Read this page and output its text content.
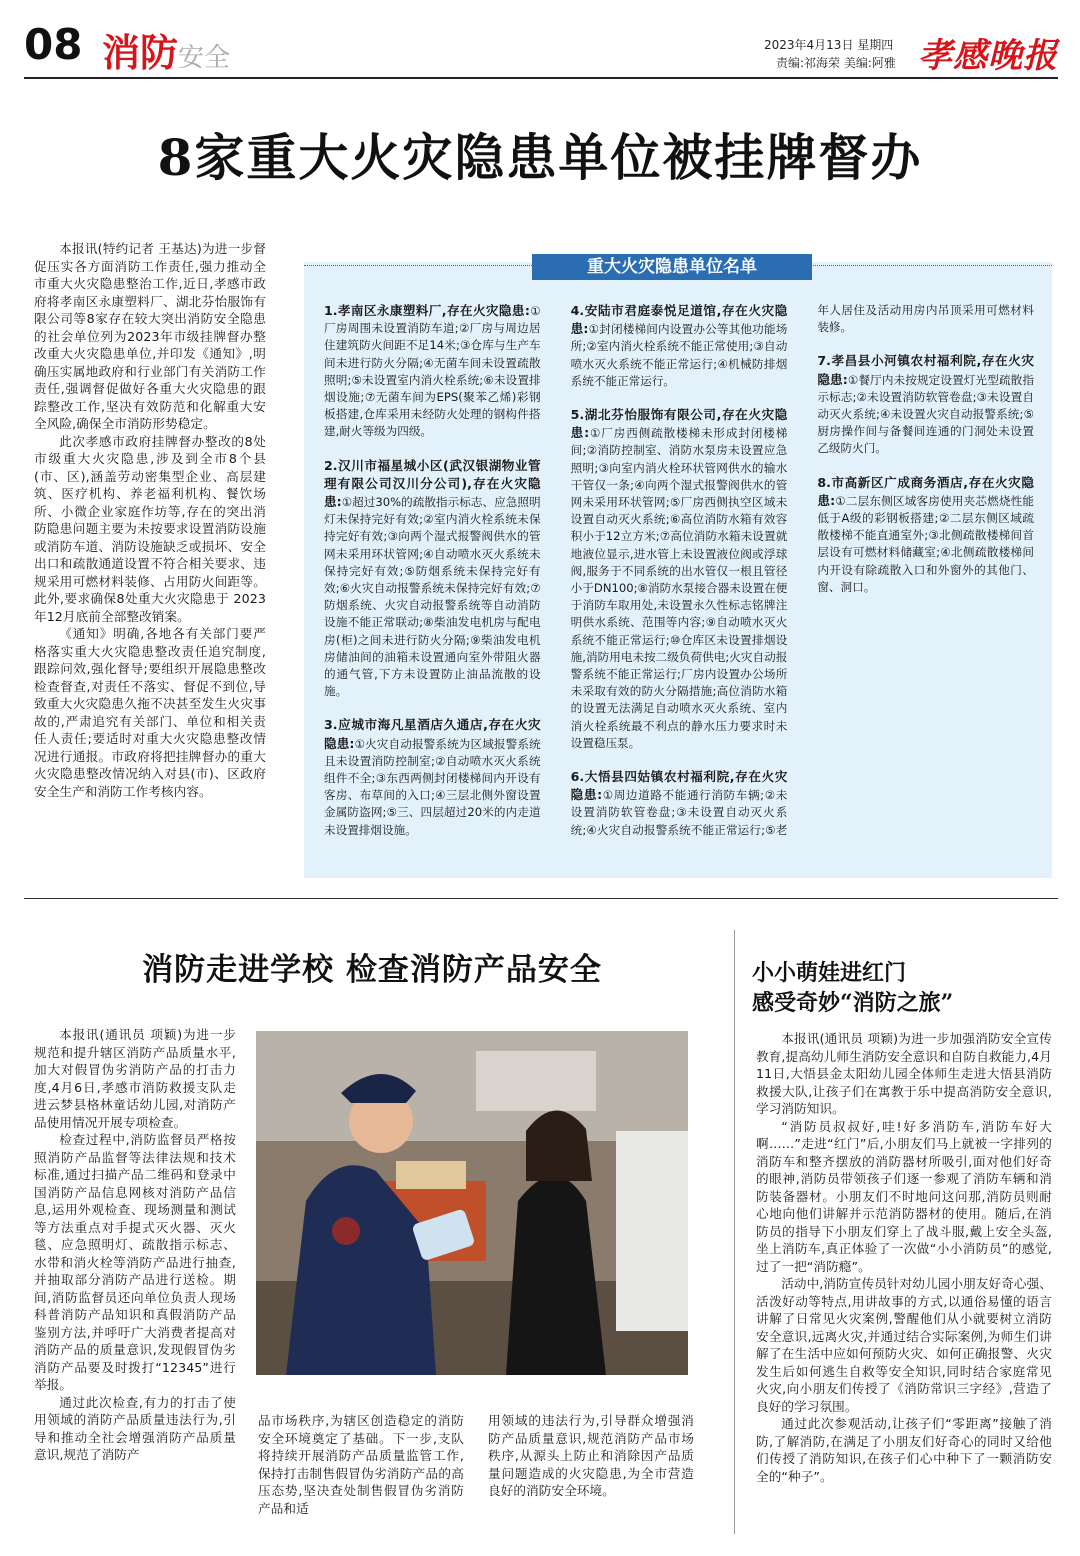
08 消防安全	2023年4月13日 星期四
责编:祁海荣 美编:阿雅 孝感晚报
8家重大火灾隐患单位被挂牌督办

本报讯(特约记者 王基达)为进一步督促压实各方面消防工作责任,强力推动全市重大火灾隐患整治工作,近日,孝感市政府将孝南区永康塑料厂、湖北芬怡服饰有限公司等8家存在较大突出消防安全隐患的社会单位列为2023年市级挂牌督办整改重大火灾隐患单位,并印发《通知》,明确压实属地政府和行业部门有关消防工作责任,强调督促做好各重大火灾隐患的跟踪整改工作,坚决有效防范和化解重大安全风险,确保全市消防形势稳定。

此次孝感市政府挂牌督办整改的8处市级重大火灾隐患,涉及到全市8个县(市、区),涵盖劳动密集型企业、高层建筑、医疗机构、养老福利机构、餐饮场所、小微企业家庭作坊等,存在的突出消防隐患问题主要为未按要求设置消防设施或消防车道、消防设施缺乏或损坏、安全出口和疏散通道设置不符合相关要求、违规采用可燃材料装修、占用防火间距等。此外,要求确保8处重大火灾隐患于 2023年12月底前全部整改销案。

《通知》明确,各地各有关部门要严格落实重大火灾隐患整改责任追究制度,跟踪问效,强化督导;要组织开展隐患整改检查督查,对责任不落实、督促不到位,导致重大火灾隐患久拖不决甚至发生火灾事故的,严肃追究有关部门、单位和相关责任人责任;要适时对重大火灾隐患整改情况进行通报。市政府将把挂牌督办的重大火灾隐患整改情况纳入对县(市)、区政府安全生产和消防工作考核内容。

重大火灾隐患单位名单
1.孝南区永康塑料厂,存在火灾隐患:①厂房周围未设置消防车道;②厂房与周边居住建筑防火间距不足14米;③仓库与生产车间未进行防火分隔;④无菌车间未设置疏散照明;⑤未设置室内消火栓系统;⑥未设置排烟设施;⑦无菌车间为EPS(聚苯乙烯)彩钢板搭建,仓库采用未经防火处理的钢构件搭建,耐火等级为四级。
2.汉川市福星城小区(武汉银湖物业管理有限公司汉川分公司),存在火灾隐患:①超过30%的疏散指示标志、应急照明灯未保持完好有效;②室内消火栓系统未保持完好有效;③向两个湿式报警阀供水的管网未采用环状管网;④自动喷水灭火系统未保持完好有效;⑤防烟系统未保持完好有效;⑥火灾自动报警系统未保持完好有效;⑦防烟系统、火灾自动报警系统等自动消防设施不能正常联动;⑧柴油发电机房与配电房(柜)之间未进行防火分隔;⑨柴油发电机房储油间的油箱未设置通向室外带阻火器的通气管,下方未设置防止油品流散的设施。
3.应城市海凡星酒店久通店,存在火灾隐患:①火灾自动报警系统为区域报警系统且未设置消防控制室;②自动喷水灭火系统组件不全;③东西两侧封闭楼梯间内开设有客房、布草间的入口;④三层北侧外窗设置金属防盗网;⑤三、四层超过20米的内走道未设置排烟设施。
4.安陆市君庭泰悦足道馆,存在火灾隐患:①封闭楼梯间内设置办公等其他功能场所;②室内消火栓系统不能正常使用;③自动喷水灭火系统不能正常运行;④机械防排烟系统不能正常运行。
5.湖北芬怡服饰有限公司,存在火灾隐患:①厂房西侧疏散楼梯未形成封闭楼梯间;②消防控制室、消防水泵房未设置应急照明;③向室内消火栓环状管网供水的输水干管仅一条;④向两个湿式报警阀供水的管网未采用环状管网;⑤厂房西侧执空区域未设置自动灭火系统;⑥高位消防水箱有效容积小于12立方米;⑦高位消防水箱未设置就地液位显示,进水管上未设置液位阀或浮球阀,服务于不同系统的出水管仅一根且管径小于DN100;⑧消防水泵接合器未设置在便于消防车取用处,未设置永久性标志铭牌注明供水系统、范围等内容;⑨自动喷水灭火系统不能正常运行;⑩仓库区未设置排烟设施,消防用电未按二级负荷供电;火灾自动报警系统不能正常运行;厂房内设置办公场所未采取有效的防火分隔措施;高位消防水箱的设置无法满足自动喷水灭火系统、室内消火栓系统最不利点的静水压力要求时未设置稳压泵。
6.大悟县四姑镇农村福利院,存在火灾隐患:①周边道路不能通行消防车辆;②未设置消防软管卷盘;③未设置自动灭火系统;④火灾自动报警系统不能正常运行;⑤老年人居住及活动用房内吊顶采用可燃材料装修。
7.孝昌县小河镇农村福利院,存在火灾隐患:①餐厅内未按规定设置灯光型疏散指示标志;②未设置消防软管卷盘;③未设置自动灭火系统;④未设置火灾自动报警系统;⑤厨房操作间与备餐间连通的门洞处未设置乙级防火门。
8.市高新区广成商务酒店,存在火灾隐患:①二层东侧区域客房使用夹芯燃烧性能低于A级的彩钢板搭建;②二层东侧区域疏散楼梯不能直通室外;③北侧疏散楼梯间首层设有可燃材料储藏室;④北侧疏散楼梯间内开设有除疏散入口和外窗外的其他门、窗、洞口。
消防走进学校 检查消防产品安全

本报讯(通讯员 项颖)为进一步规范和提升辖区消防产品质量水平,加大对假冒伪劣消防产品的打击力度,4月6日,孝感市消防救援支队走进云梦县格林童话幼儿园,对消防产品使用情况开展专项检查。

检查过程中,消防监督员严格按照消防产品监督等法律法规和技术标准,通过扫描产品二维码和登录中国消防产品信息网核对消防产品信息,运用外观检查、现场测量和测试等方法重点对手提式灭火器、灭火毯、应急照明灯、疏散指示标志、水带和消火栓等消防产品进行抽查,并抽取部分消防产品进行送检。期间,消防监督员还向单位负责人现场科普消防产品知识和真假消防产品鉴别方法,并呼吁广大消费者提高对消防产品的质量意识,发现假冒伪劣消防产品要及时拨打“12345”进行举报。

通过此次检查,有力的打击了使用领域的消防产品质量违法行为,引导和推动全社会增强消防产品质量意识,规范了消防产

品市场秩序,为辖区创造稳定的消防安全环境奠定了基础。下一步,支队将持续开展消防产品质量监管工作,保持打击制售假冒伪劣消防产品的高压态势,坚决查处制售假冒伪劣消防产品和适

用领域的违法行为,引导群众增强消防产品质量意识,规范消防产品市场秩序,从源头上防止和消除因产品质量问题造成的火灾隐患,为全市营造良好的消防安全环境。

小小萌娃进红门
感受奇妙“消防之旅”

本报讯(通讯员 项颖)为进一步加强消防安全宣传教育,提高幼儿师生消防安全意识和自防自救能力,4月11日,大悟县金太阳幼儿园全体师生走进大悟县消防救援大队,让孩子们在寓教于乐中提高消防安全意识,学习消防知识。

“消防员叔叔好,哇!好多消防车,消防车好大啊……”走进“红门”后,小朋友们马上就被一字排列的消防车和整齐摆放的消防器材所吸引,面对他们好奇的眼神,消防员带领孩子们逐一参观了消防车辆和消防装备器材。小朋友们不时地问这问那,消防员则耐心地向他们讲解并示范消防器材的使用。随后,在消防员的指导下小朋友们穿上了战斗服,戴上安全头盔,坐上消防车,真正体验了一次做“小小消防员”的感觉,过了一把“消防瘾”。

活动中,消防宣传员针对幼儿园小朋友好奇心强、活泼好动等特点,用讲故事的方式,以通俗易懂的语言讲解了日常见火灾案例,警醒他们从小就要树立消防安全意识,远离火灾,并通过结合实际案例,为师生们讲解了在生活中应如何预防火灾、如何正确报警、火灾发生后如何逃生自救等安全知识,同时结合家庭常见火灾,向小朋友们传授了《消防常识三字经》,营造了良好的学习氛围。

通过此次参观活动,让孩子们“零距离”接触了消防,了解消防,在满足了小朋友们好奇心的同时又给他们传授了消防知识,在孩子们心中种下了一颗消防安全的“种子”。
